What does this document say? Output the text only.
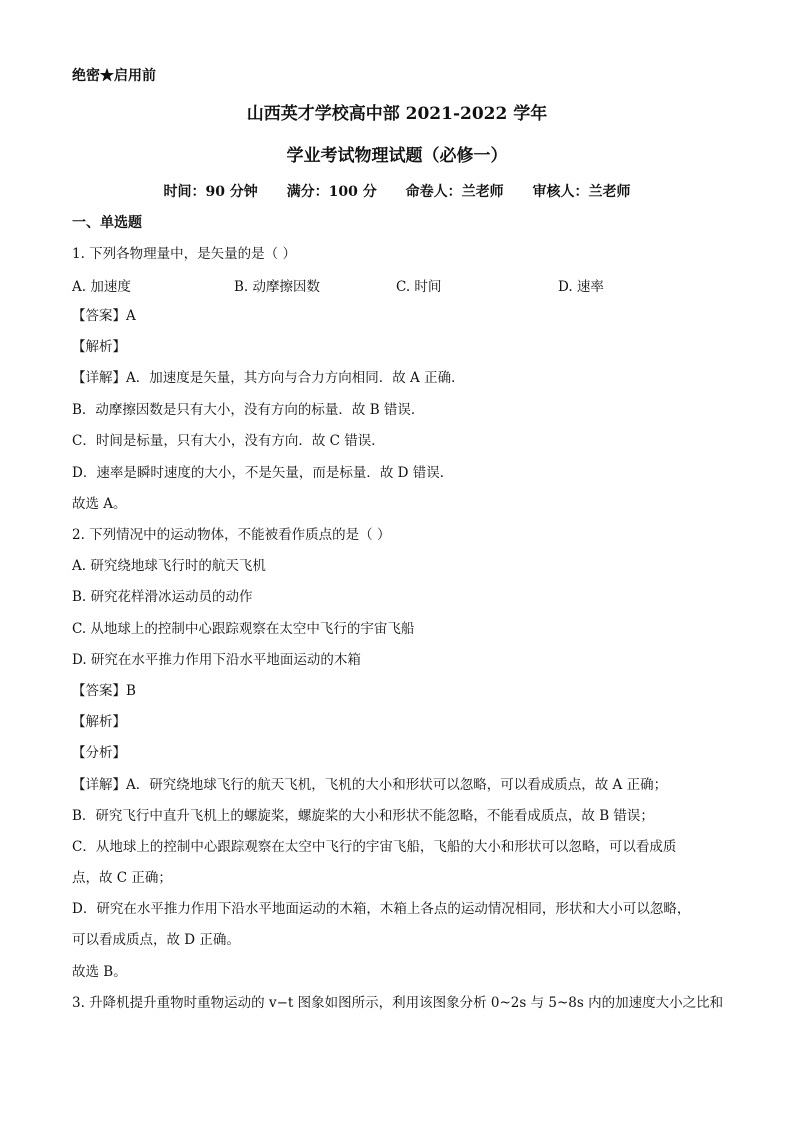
绝密★启用前
山西英才学校高中部 2021-2022 学年
学业考试物理试题（必修一）
时间：90 分钟 满分：100 分 命卷人：兰老师 审核人：兰老师
一、单选题
1. 下列各物理量中，是矢量的是（ ）
A. 加速度	B. 动摩擦因数	C. 时间	D. 速率
【答案】A
【解析】
【详解】A．加速度是矢量，其方向与合力方向相同．故 A 正确．
B．动摩擦因数是只有大小，没有方向的标量．故 B 错误．
C．时间是标量，只有大小，没有方向．故 C 错误．
D．速率是瞬时速度的大小，不是矢量，而是标量．故 D 错误．
故选 A。
2. 下列情况中的运动物体，不能被看作质点的是（ ）
A. 研究绕地球飞行时的航天飞机
B. 研究花样滑冰运动员的动作
C. 从地球上的控制中心跟踪观察在太空中飞行的宇宙飞船
D. 研究在水平推力作用下沿水平地面运动的木箱
【答案】B
【解析】
【分析】
【详解】A．研究绕地球飞行的航天飞机，飞机的大小和形状可以忽略，可以看成质点，故 A 正确；
B．研究飞行中直升飞机上的螺旋桨，螺旋桨的大小和形状不能忽略，不能看成质点，故 B 错误；
C．从地球上的控制中心跟踪观察在太空中飞行的宇宙飞船，飞船的大小和形状可以忽略，可以看成质
点，故 C 正确；
D．研究在水平推力作用下沿水平地面运动的木箱，木箱上各点的运动情况相同，形状和大小可以忽略，
可以看成质点，故 D 正确。
故选 B。
3. 升降机提升重物时重物运动的 v−t 图象如图所示，利用该图象分析 0~2s 与 5~8s 内的加速度大小之比和
